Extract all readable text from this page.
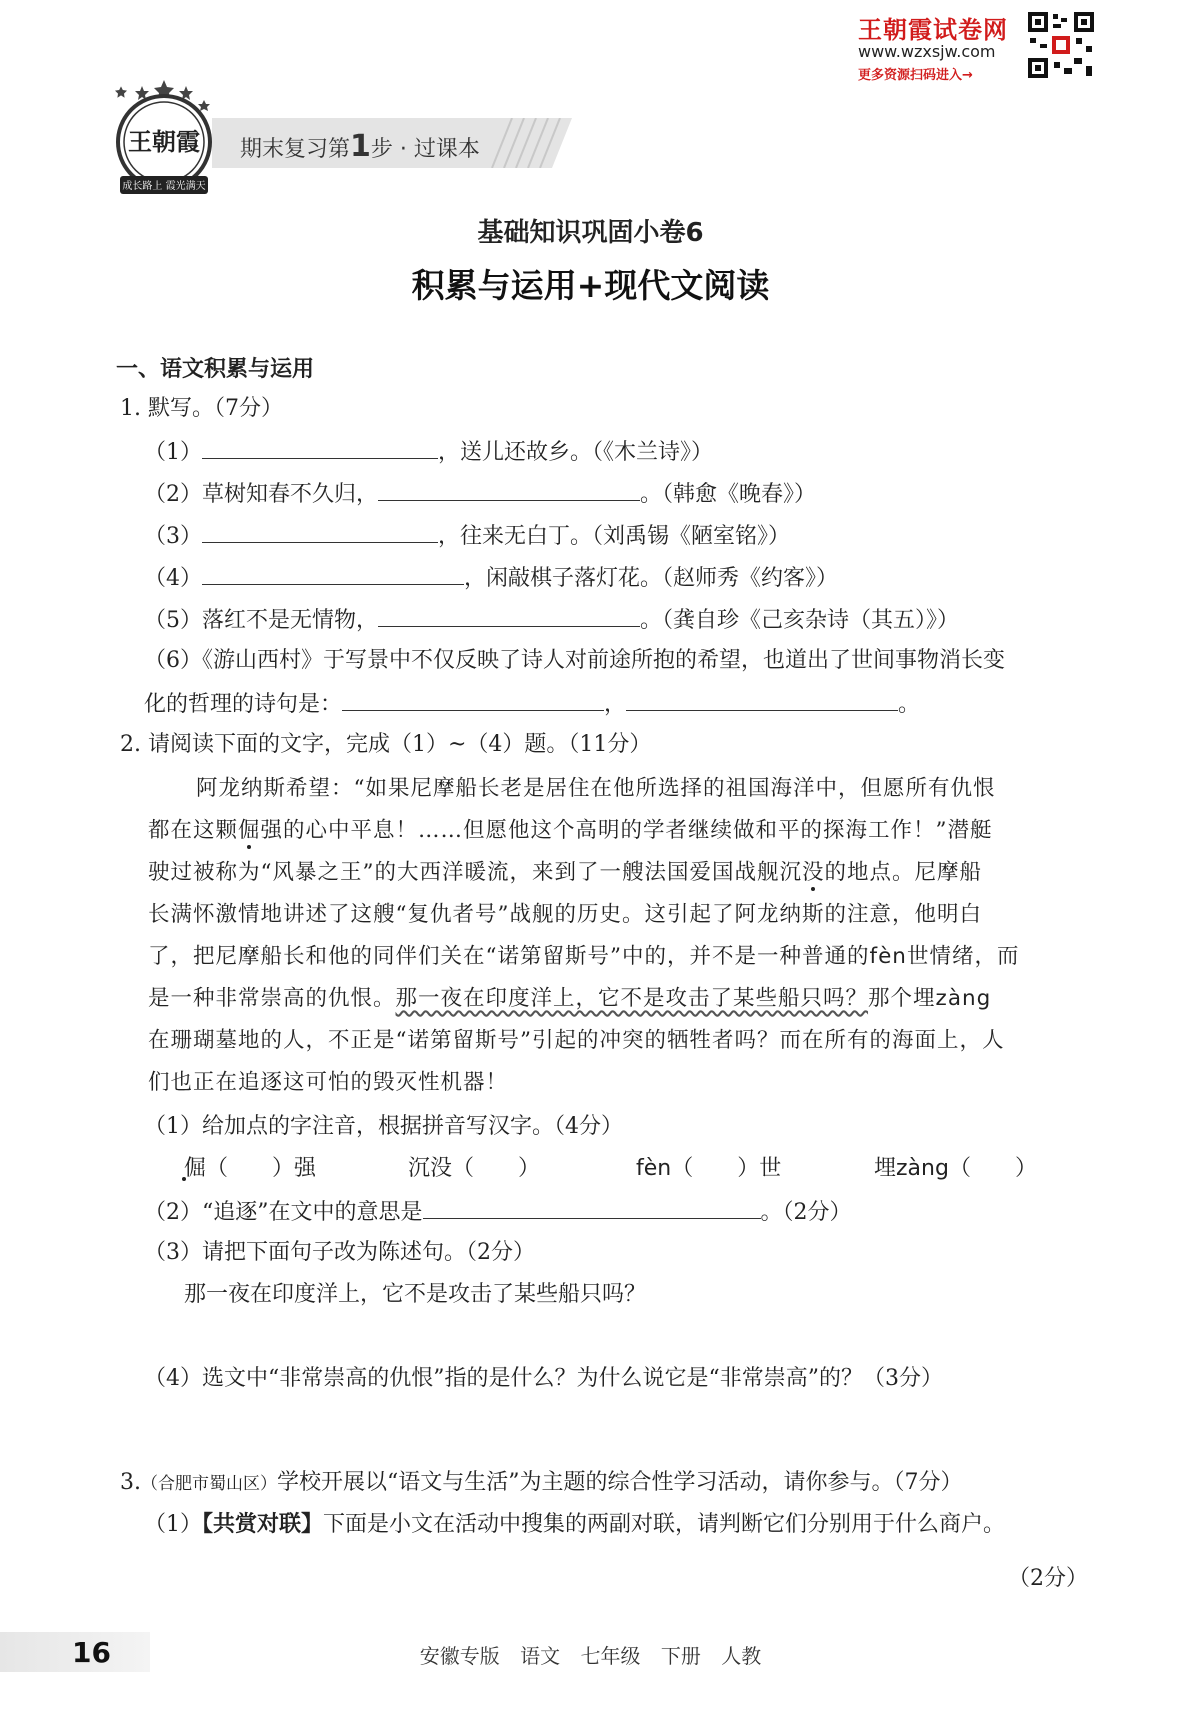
王朝霞试卷网
www.wzxsjw.com
更多资源扫码进入→
王朝霞
成长路上 霞光满天
期末复习第1步 · 过课本
基础知识巩固小卷6
积累与运用+现代文阅读
一、语文积累与运用
1. 默写。（7分）
（1）	，送儿还故乡。（《木兰诗》）
（2）草树知春不久归，	。（韩愈《晚春》）
（3）	，往来无白丁。（刘禹锡《陋室铭》）
（4）	，闲敲棋子落灯花。（赵师秀《约客》）
（5）落红不是无情物，	。（龚自珍《己亥杂诗（其五）》）
（6）《游山西村》于写景中不仅反映了诗人对前途所抱的希望，也道出了世间事物消长变
化的哲理的诗句是：	，	。
2. 请阅读下面的文字，完成（1）~（4）题。（11分）
阿龙纳斯希望：“如果尼摩船长老是居住在他所选择的祖国海洋中，但愿所有仇恨
都在这颗倔强的心中平息！……但愿他这个高明的学者继续做和平的探海工作！”潜艇
驶过被称为“风暴之王”的大西洋暖流，来到了一艘法国爱国战舰沉没的地点。尼摩船
长满怀激情地讲述了这艘“复仇者号”战舰的历史。这引起了阿龙纳斯的注意，他明白
了，把尼摩船长和他的同伴们关在“诺第留斯号”中的，并不是一种普通的fèn世情绪，而
是一种非常崇高的仇恨。那一夜在印度洋上，它不是攻击了某些船只吗？那个埋zàng
在珊瑚墓地的人，不正是“诺第留斯号”引起的冲突的牺牲者吗？而在所有的海面上，人
们也正在追逐这可怕的毁灭性机器！
（1）给加点的字注音，根据拼音写汉字。（4分）
倔（　　）强	沉没（　　）	fèn（　　）世	埋zàng（　　）
（2）“追逐”在文中的意思是	。（2分）
（3）请把下面句子改为陈述句。（2分）
那一夜在印度洋上，它不是攻击了某些船只吗？
（4）选文中“非常崇高的仇恨”指的是什么？为什么说它是“非常崇高”的？（3分）
3.（合肥市蜀山区）学校开展以“语文与生活”为主题的综合性学习活动，请你参与。（7分）
（1）【共赏对联】下面是小文在活动中搜集的两副对联，请判断它们分别用于什么商户。
（2分）
16	安徽专版 语文 七年级 下册 人教
